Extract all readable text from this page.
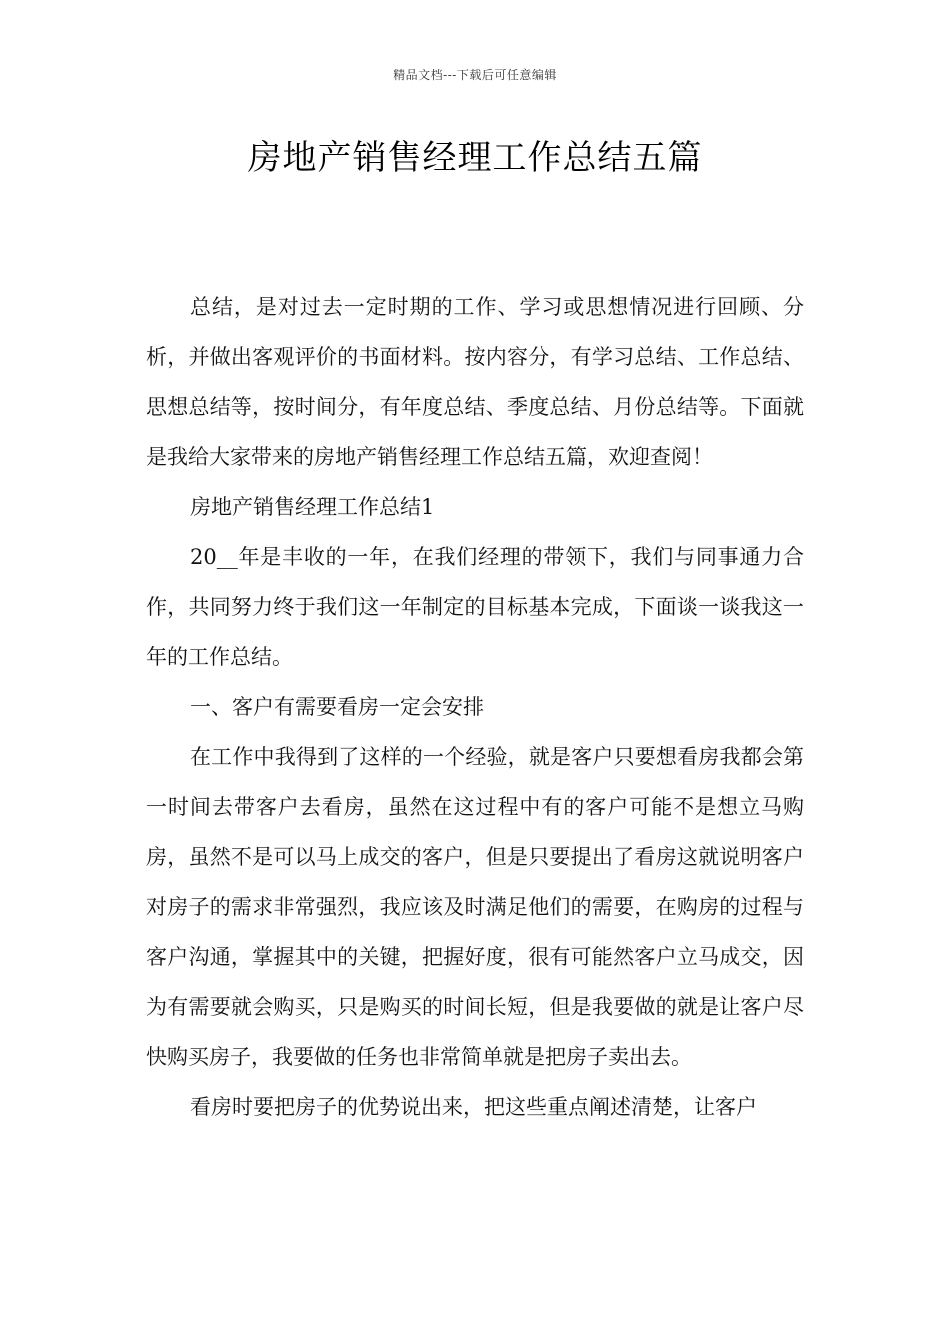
精品文档---下载后可任意编辑
房地产销售经理工作总结五篇

总结，是对过去一定时期的工作、学习或思想情况进行回顾、分析，并做出客观评价的书面材料。按内容分，有学习总结、工作总结、思想总结等，按时间分，有年度总结、季度总结、月份总结等。下面就是我给大家带来的房地产销售经理工作总结五篇，欢迎查阅！

房地产销售经理工作总结1

20__年是丰收的一年，在我们经理的带领下，我们与同事通力合作，共同努力终于我们这一年制定的目标基本完成，下面谈一谈我这一年的工作总结。

一、客户有需要看房一定会安排

在工作中我得到了这样的一个经验，就是客户只要想看房我都会第一时间去带客户去看房，虽然在这过程中有的客户可能不是想立马购房，虽然不是可以马上成交的客户，但是只要提出了看房这就说明客户对房子的需求非常强烈，我应该及时满足他们的需要，在购房的过程与客户沟通，掌握其中的关键，把握好度，很有可能然客户立马成交，因为有需要就会购买，只是购买的时间长短，但是我要做的就是让客户尽快购买房子，我要做的任务也非常简单就是把房子卖出去。

看房时要把房子的优势说出来，把这些重点阐述清楚，让客户
